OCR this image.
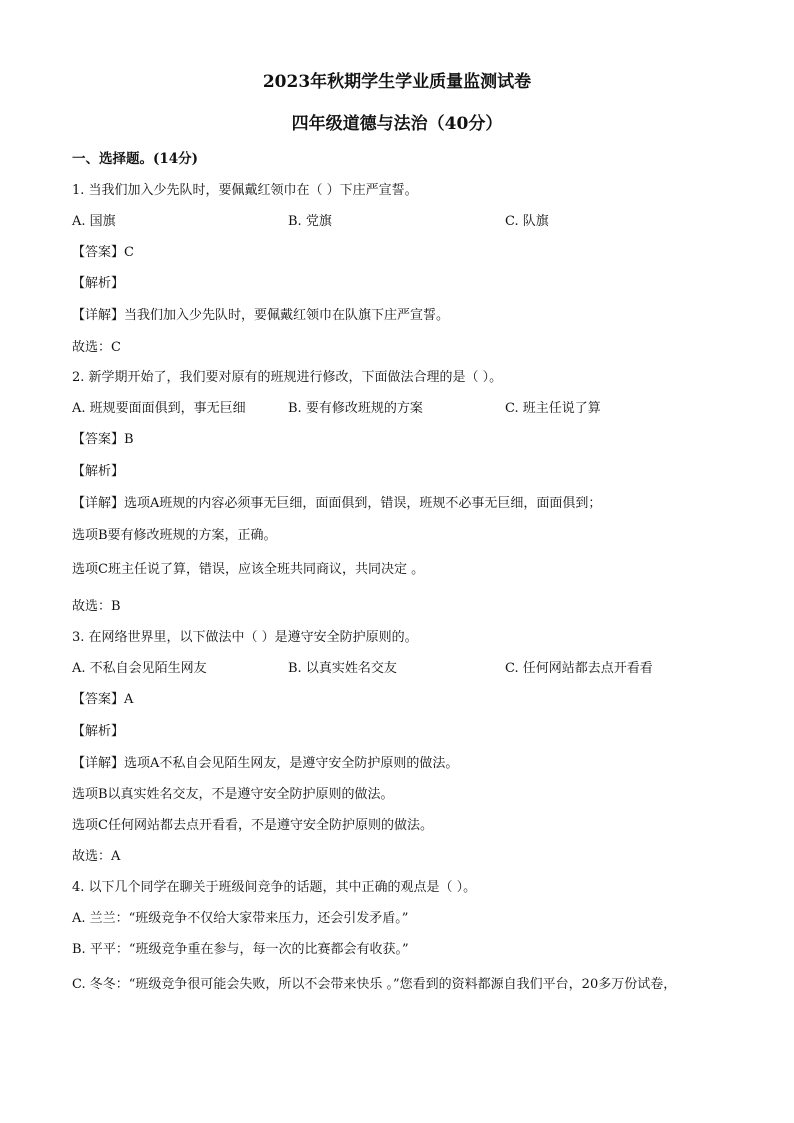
2023年秋期学生学业质量监测试卷
四年级道德与法治（40分）
一、选择题。(14分)
1. 当我们加入少先队时，要佩戴红领巾在（ ）下庄严宣誓。
A. 国旗	B. 党旗	C. 队旗
【答案】C
【解析】
【详解】当我们加入少先队时，要佩戴红领巾在队旗下庄严宣誓。
故选：C
2. 新学期开始了，我们要对原有的班规进行修改，下面做法合理的是（ ）。
A. 班规要面面俱到，事无巨细	B. 要有修改班规的方案	C. 班主任说了算
【答案】B
【解析】
【详解】选项A班规的内容必须事无巨细，面面俱到，错误，班规不必事无巨细，面面俱到；
选项B要有修改班规的方案，正确。
选项C班主任说了算，错误，应该全班共同商议，共同决定 。
故选：B
3. 在网络世界里，以下做法中（ ）是遵守安全防护原则的。
A. 不私自会见陌生网友	B. 以真实姓名交友	C. 任何网站都去点开看看
【答案】A
【解析】
【详解】选项A不私自会见陌生网友，是遵守安全防护原则的做法。
选项B以真实姓名交友，不是遵守安全防护原则的做法。
选项C任何网站都去点开看看，不是遵守安全防护原则的做法。
故选：A
4. 以下几个同学在聊关于班级间竞争的话题，其中正确的观点是（ ）。
A. 兰兰：“班级竞争不仅给大家带来压力，还会引发矛盾。”
B. 平平：“班级竞争重在参与，每一次的比赛都会有收获。”
C. 冬冬：“班级竞争很可能会失败，所以不会带来快乐 。”您看到的资料都源自我们平台，20多万份试卷，
